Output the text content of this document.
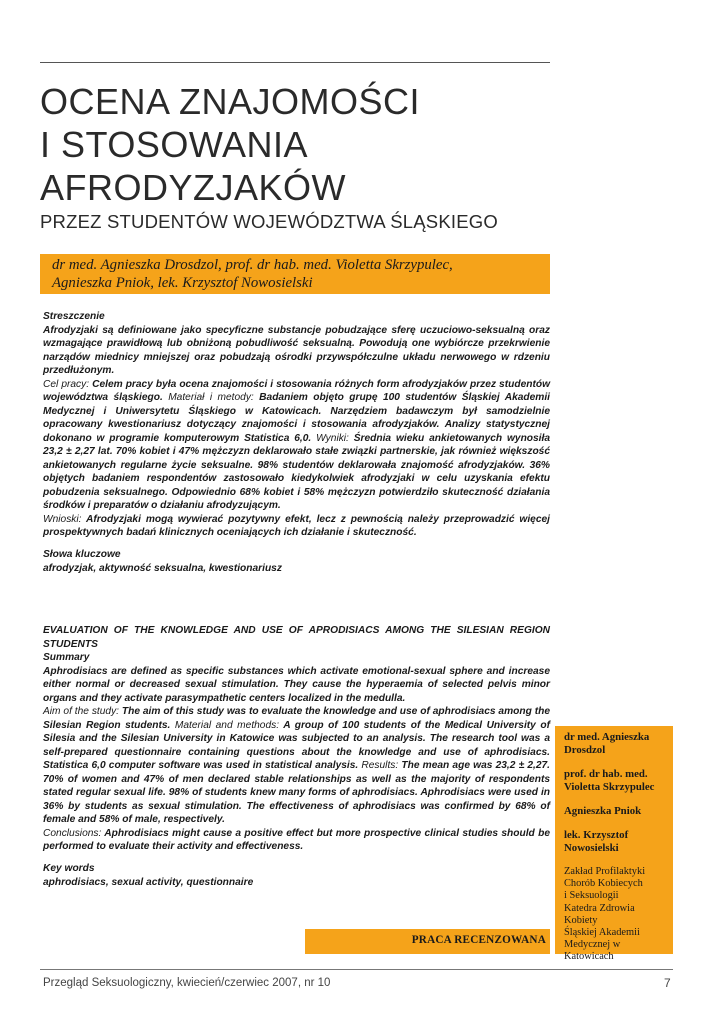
OCENA ZNAJOMOŚCI
I STOSOWANIA
AFRODYZJAKÓW
PRZEZ STUDENTÓW WOJEWÓDZTWA ŚLĄSKIEGO
dr med. Agnieszka Drosdzol, prof. dr hab. med. Violetta Skrzypulec,
Agnieszka Pniok, lek. Krzysztof Nowosielski

Streszczenie

Afrodyzjaki są definiowane jako specyficzne substancje pobudzające sferę uczuciowo-seksualną oraz wzmagające prawidłową lub obniżoną pobudliwość seksualną. Powodują one wybiórcze przekrwienie narządów miednicy mniejszej oraz pobudzają ośrodki przywspółczulne układu nerwowego w rdzeniu przedłużonym.

Cel pracy: Celem pracy była ocena znajomości i stosowania różnych form afrodyzjaków przez studentów województwa śląskiego. Materiał i metody: Badaniem objęto grupę 100 studentów Śląskiej Akademii Medycznej i Uniwersytetu Śląskiego w Katowicach. Narzędziem badawczym był samodzielnie opracowany kwestionariusz dotyczący znajomości i stosowania afrodyzjaków. Analizy statystycznej dokonano w programie komputerowym Statistica 6,0. Wyniki: Średnia wieku ankietowanych wynosiła 23,2 ± 2,27 lat. 70% kobiet i 47% mężczyzn deklarowało stałe związki partnerskie, jak również większość ankietowanych regularne życie seksualne. 98% studentów deklarowała znajomość afrodyzjaków. 36% objętych badaniem respondentów zastosowało kiedykolwiek afrodyzjaki w celu uzyskania efektu pobudzenia seksualnego. Odpowiednio 68% kobiet i 58% mężczyzn potwierdziło skuteczność działania środków i preparatów o działaniu afrodyzującym.

Wnioski: Afrodyzjaki mogą wywierać pozytywny efekt, lecz z pewnością należy przeprowadzić więcej prospektywnych badań klinicznych oceniających ich działanie i skuteczność.

Słowa kluczowe

afrodyzjak, aktywność seksualna, kwestionariusz

EVALUATION OF THE KNOWLEDGE AND USE OF APRODISIACS AMONG THE SILESIAN REGION STUDENTS

Summary

Aphrodisiacs are defined as specific substances which activate emotional-sexual sphere and increase either normal or decreased sexual stimulation. They cause the hyperaemia of selected pelvis minor organs and they activate parasympathetic centers localized in the medulla.

Aim of the study: The aim of this study was to evaluate the knowledge and use of aphrodisiacs among the Silesian Region students. Material and methods: A group of 100 students of the Medical University of Silesia and the Silesian University in Katowice was subjected to an analysis. The research tool was a self-prepared questionnaire containing questions about the knowledge and use of aphrodisiacs. Statistica 6,0 computer software was used in statistical analysis. Results: The mean age was 23,2 ± 2,27. 70% of women and 47% of men declared stable relationships as well as the majority of respondents stated regular sexual life. 98% of students knew many forms of aphrodisiacs. Aphrodisiacs were used in 36% by students as sexual stimulation. The effectiveness of aphrodisiacs was confirmed by 68% of female and 58% of male, respectively.

Conclusions: Aphrodisiacs might cause a positive effect but more prospective clinical studies should be performed to evaluate their activity and effectiveness.

Key words

aphrodisiacs, sexual activity, questionnaire

dr med. Agnieszka Drosdzol
prof. dr hab. med. Violetta Skrzypulec
Agnieszka Pniok
lek. Krzysztof Nowosielski
Zakład Profilaktyki
Chorób Kobiecych
i Seksuologii
Katedra Zdrowia Kobiety
Śląskiej Akademii
Medycznej w Katowicach
PRACA RECENZOWANA
Przegląd Seksuologiczny, kwiecień/czerwiec 2007, nr 10	7
